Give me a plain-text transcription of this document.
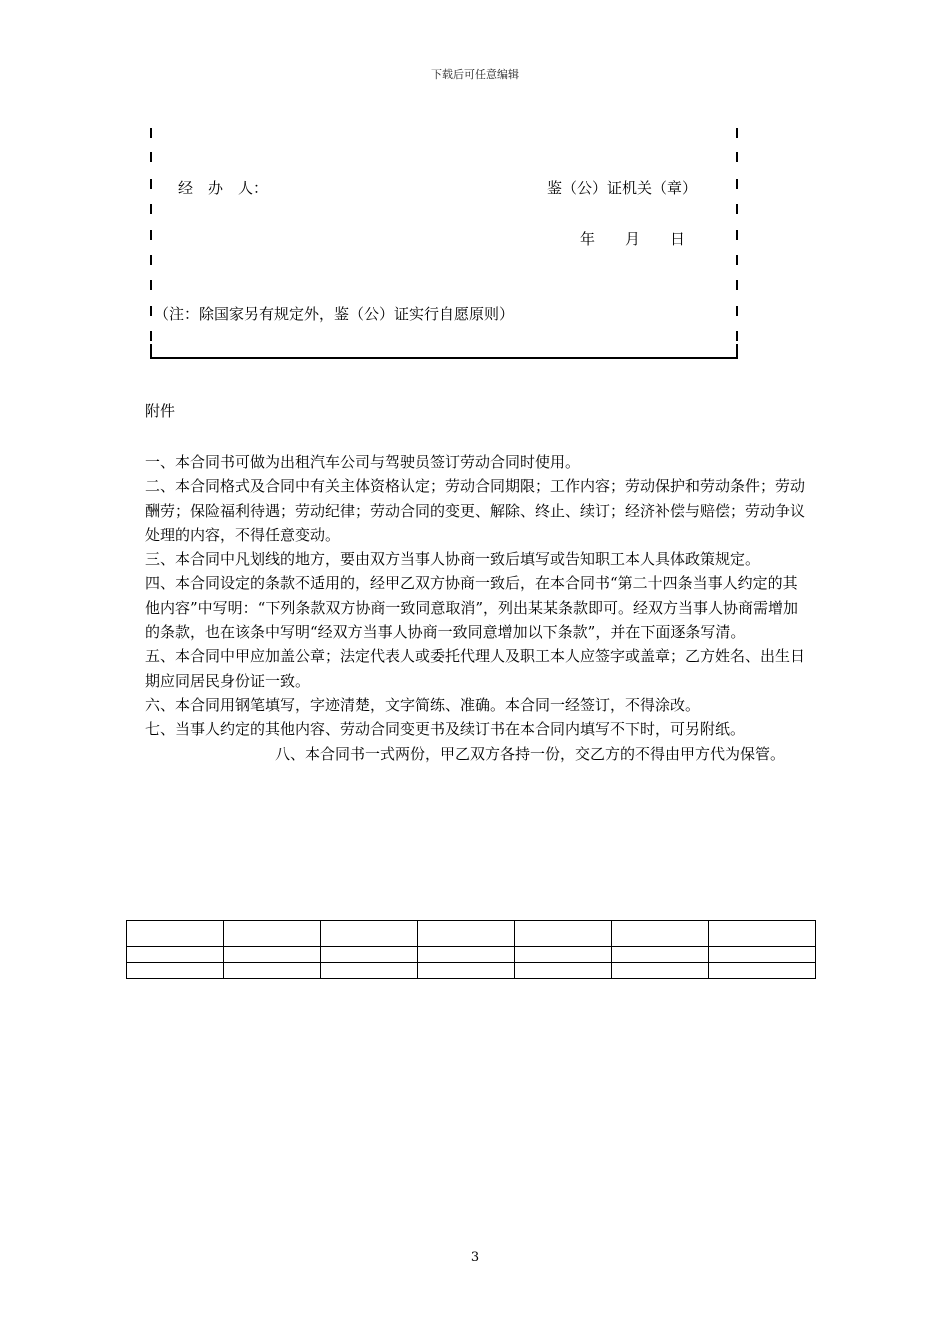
下载后可任意编辑
经　办　人：	鉴（公）证机关（章）
年　　月　　日
（注：除国家另有规定外，鉴（公）证实行自愿原则）
附件

一、本合同书可做为出租汽车公司与驾驶员签订劳动合同时使用。

二、本合同格式及合同中有关主体资格认定；劳动合同期限；工作内容；劳动保护和劳动条件；劳动酬劳；保险福利待遇；劳动纪律；劳动合同的变更、解除、终止、续订；经济补偿与赔偿；劳动争议处理的内容，不得任意变动。

三、本合同中凡划线的地方，要由双方当事人协商一致后填写或告知职工本人具体政策规定。

四、本合同设定的条款不适用的，经甲乙双方协商一致后，在本合同书“第二十四条当事人约定的其他内容”中写明：“下列条款双方协商一致同意取消”，列出某某条款即可。经双方当事人协商需增加的条款，也在该条中写明“经双方当事人协商一致同意增加以下条款”，并在下面逐条写清。

五、本合同中甲应加盖公章；法定代表人或委托代理人及职工本人应签字或盖章；乙方姓名、出生日期应同居民身份证一致。

六、本合同用钢笔填写，字迹清楚，文字简练、准确。本合同一经签订，不得涂改。

七、当事人约定的其他内容、劳动合同变更书及续订书在本合同内填写不下时，可另附纸。

八、本合同书一式两份，甲乙双方各持一份，交乙方的不得由甲方代为保管。

3
